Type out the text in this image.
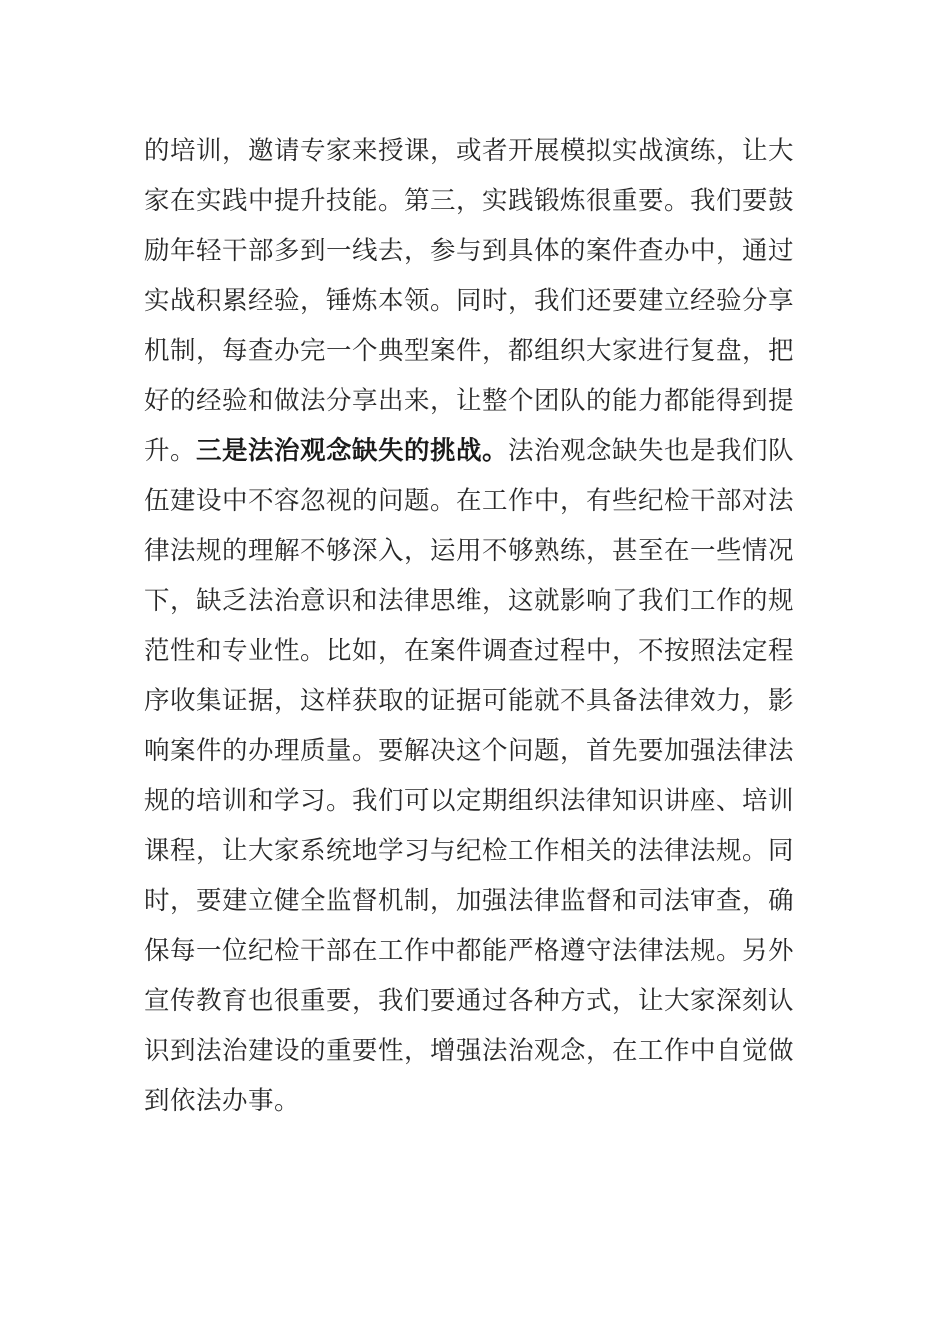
的培训，邀请专家来授课，或者开展模拟实战演练，让大
家在实践中提升技能。第三，实践锻炼很重要。我们要鼓
励年轻干部多到一线去，参与到具体的案件查办中，通过
实战积累经验，锤炼本领。同时，我们还要建立经验分享
机制，每查办完一个典型案件，都组织大家进行复盘，把
好的经验和做法分享出来，让整个团队的能力都能得到提
升。三是法治观念缺失的挑战。法治观念缺失也是我们队
伍建设中不容忽视的问题。在工作中，有些纪检干部对法
律法规的理解不够深入，运用不够熟练，甚至在一些情况
下，缺乏法治意识和法律思维，这就影响了我们工作的规
范性和专业性。比如，在案件调查过程中，不按照法定程
序收集证据，这样获取的证据可能就不具备法律效力，影
响案件的办理质量。要解决这个问题，首先要加强法律法
规的培训和学习。我们可以定期组织法律知识讲座、培训
课程，让大家系统地学习与纪检工作相关的法律法规。同
时，要建立健全监督机制，加强法律监督和司法审查，确
保每一位纪检干部在工作中都能严格遵守法律法规。另外
宣传教育也很重要，我们要通过各种方式，让大家深刻认
识到法治建设的重要性，增强法治观念，在工作中自觉做
到依法办事。
